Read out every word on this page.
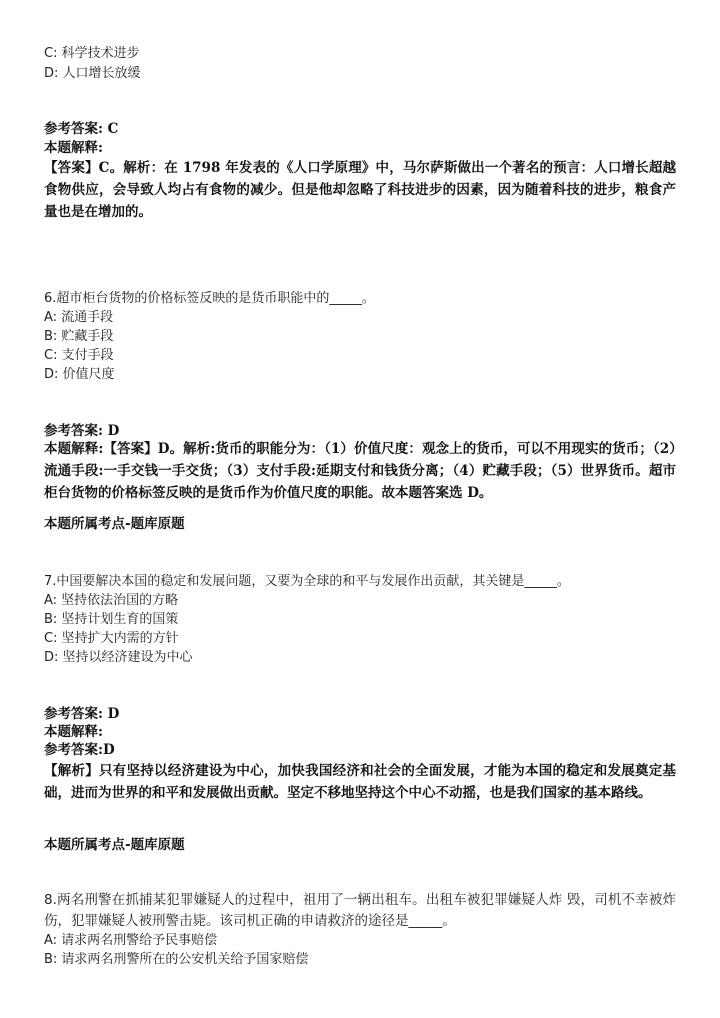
C: 科学技术进步
D: 人口增长放缓
参考答案: C
本题解释:
【答案】C。解析：在 1798 年发表的《人口学原理》中，马尔萨斯做出一个著名的预言：人口增长超越食物供应，会导致人均占有食物的减少。但是他却忽略了科技进步的因素，因为随着科技的进步，粮食产量也是在增加的。
6.超市柜台货物的价格标签反映的是货币职能中的_____。
A: 流通手段
B: 贮藏手段
C: 支付手段
D: 价值尺度
参考答案: D
本题解释:【答案】D。解析:货币的职能分为：（1）价值尺度：观念上的货币，可以不用现实的货币；（2）流通手段:一手交钱一手交货；（3）支付手段:延期支付和钱货分离；（4）贮藏手段；（5）世界货币。超市柜台货物的价格标签反映的是货币作为价值尺度的职能。故本题答案选 D。
本题所属考点-题库原题
7.中国要解决本国的稳定和发展问题，又要为全球的和平与发展作出贡献，其关键是_____。
A: 坚持依法治国的方略
B: 坚持计划生育的国策
C: 坚持扩大内需的方针
D: 坚持以经济建设为中心
参考答案: D
本题解释:
参考答案:D
【解析】只有坚持以经济建设为中心，加快我国经济和社会的全面发展，才能为本国的稳定和发展奠定基础，进而为世界的和平和发展做出贡献。坚定不移地坚持这个中心不动摇，也是我们国家的基本路线。
本题所属考点-题库原题
8.两名刑警在抓捕某犯罪嫌疑人的过程中，祖用了一辆出租车。出租车被犯罪嫌疑人炸 毁，司机不幸被炸伤，犯罪嫌疑人被刑警击毙。该司机正确的申请救济的途径是_____。
A: 请求两名刑警给予民事赔偿
B: 请求两名刑警所在的公安机关给予国家赔偿
